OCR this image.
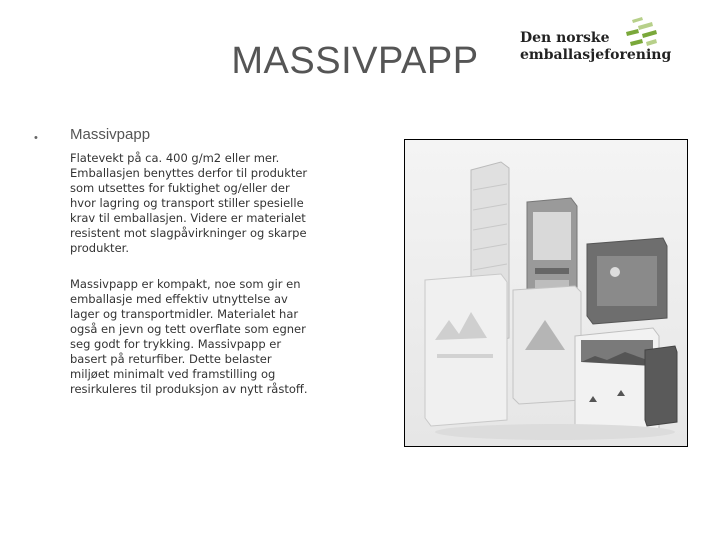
MASSIVPAPP
Den norske
emballasjeforening
• Massivpapp
Flatevekt på ca. 400 g/m2 eller mer.
Emballasjen benyttes derfor til produkter
som utsettes for fuktighet og/eller der
hvor lagring og transport stiller spesielle
krav til emballasjen. Videre er materialet
resistent mot slagpåvirkninger og skarpe
produkter.
Massivpapp er kompakt, noe som gir en
emballasje med effektiv utnyttelse av
lager og transportmidler. Materialet har
også en jevn og tett overflate som egner
seg godt for trykking. Massivpapp er
basert på returfiber. Dette belaster
miljøet minimalt ved framstilling og
resirkuleres til produksjon av nytt råstoff.
